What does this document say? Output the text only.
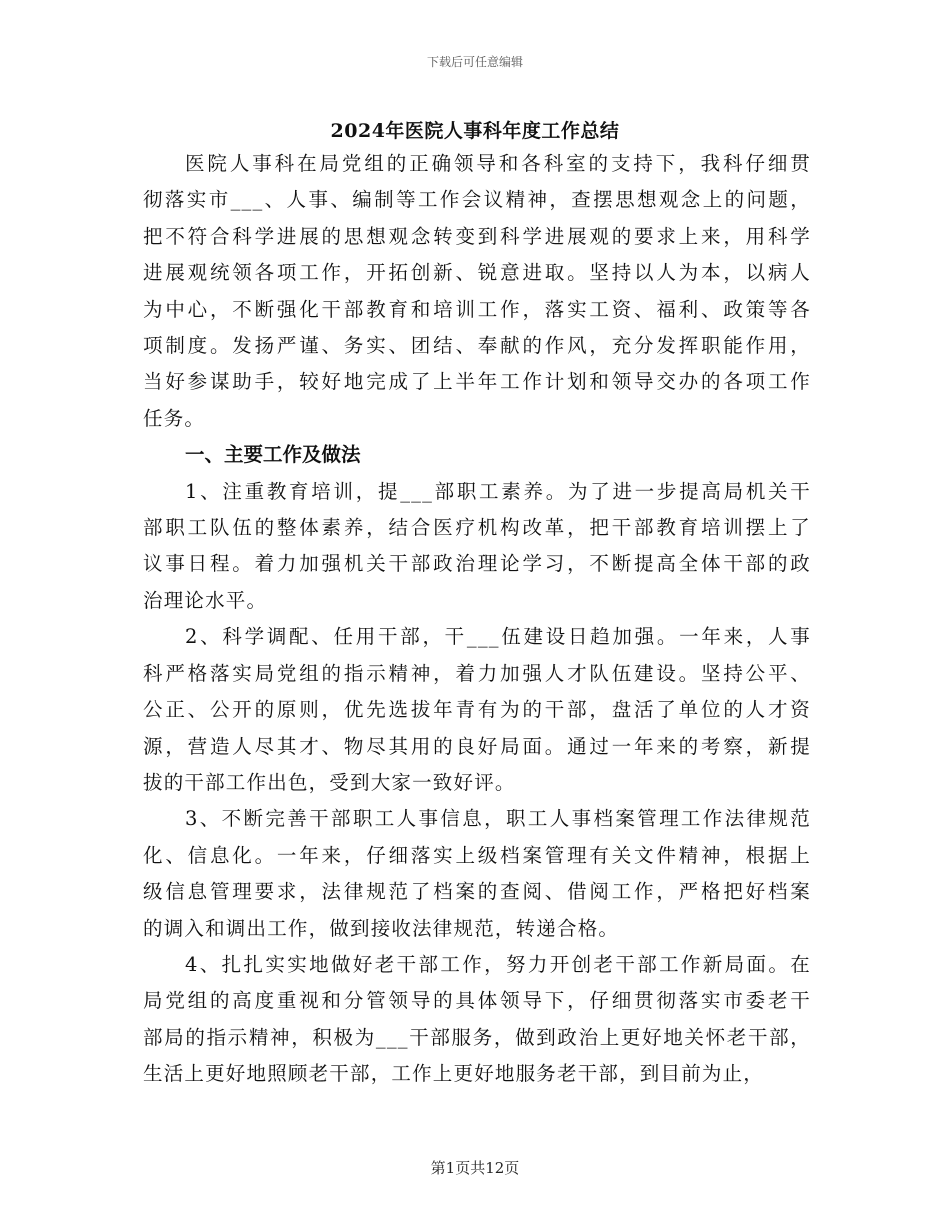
下载后可任意编辑
2024年医院人事科年度工作总结
医院人事科在局党组的正确领导和各科室的支持下，我科仔细贯
彻落实市___、人事、编制等工作会议精神，查摆思想观念上的问题，
把不符合科学进展的思想观念转变到科学进展观的要求上来，用科学
进展观统领各项工作，开拓创新、锐意进取。坚持以人为本，以病人
为中心，不断强化干部教育和培训工作，落实工资、福利、政策等各
项制度。发扬严谨、务实、团结、奉献的作风，充分发挥职能作用，
当好参谋助手，较好地完成了上半年工作计划和领导交办的各项工作
任务。
一、主要工作及做法
1、注重教育培训，提___部职工素养。为了进一步提高局机关干
部职工队伍的整体素养，结合医疗机构改革，把干部教育培训摆上了
议事日程。着力加强机关干部政治理论学习，不断提高全体干部的政
治理论水平。
2、科学调配、任用干部，干___伍建设日趋加强。一年来，人事
科严格落实局党组的指示精神，着力加强人才队伍建设。坚持公平、
公正、公开的原则，优先选拔年青有为的干部，盘活了单位的人才资
源，营造人尽其才、物尽其用的良好局面。通过一年来的考察，新提
拔的干部工作出色，受到大家一致好评。
3、不断完善干部职工人事信息，职工人事档案管理工作法律规范
化、信息化。一年来，仔细落实上级档案管理有关文件精神，根据上
级信息管理要求，法律规范了档案的查阅、借阅工作，严格把好档案
的调入和调出工作，做到接收法律规范，转递合格。
4、扎扎实实地做好老干部工作，努力开创老干部工作新局面。在
局党组的高度重视和分管领导的具体领导下，仔细贯彻落实市委老干
部局的指示精神，积极为___干部服务，做到政治上更好地关怀老干部，
生活上更好地照顾老干部，工作上更好地服务老干部，到目前为止，
第1页共12页
